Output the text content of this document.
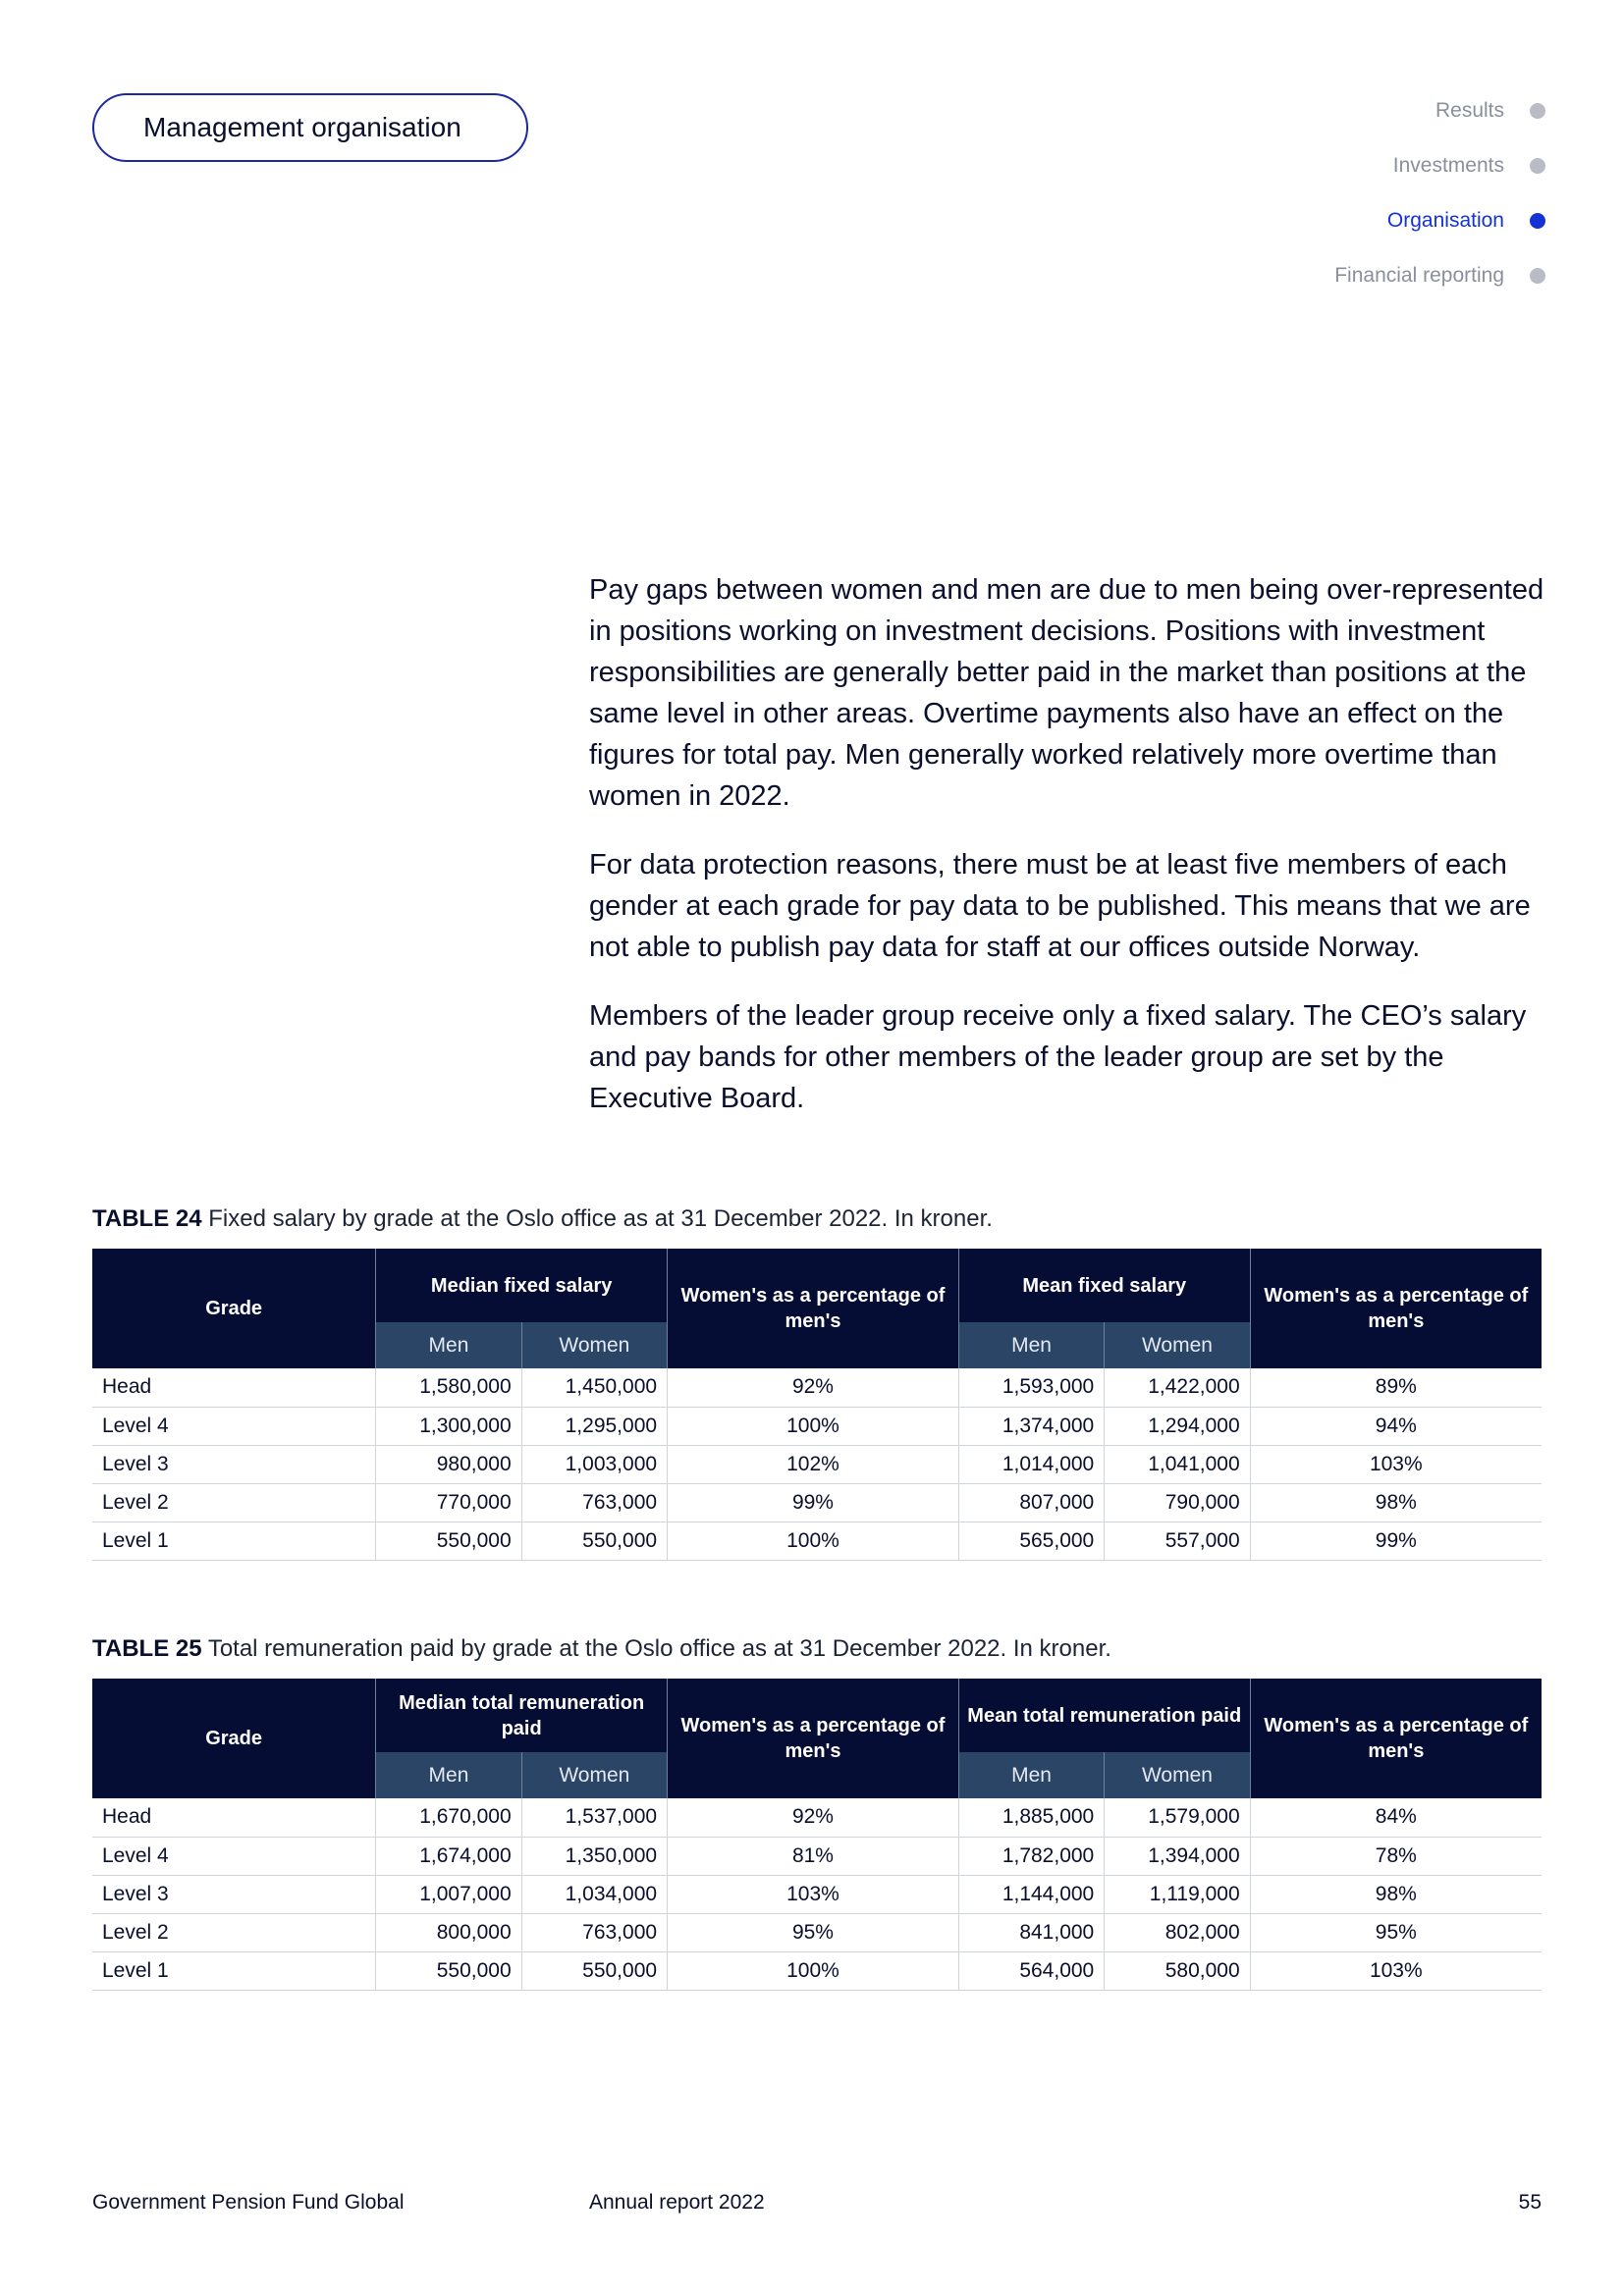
Management organisation
Results
Investments
Organisation
Financial reporting

Pay gaps between women and men are due to men being over-represented in positions working on investment decisions. Positions with investment responsibilities are generally better paid in the market than positions at the same level in other areas. Overtime payments also have an effect on the figures for total pay. Men generally worked relatively more overtime than women in 2022.

For data protection reasons, there must be at least five members of each gender at each grade for pay data to be published. This means that we are not able to publish pay data for staff at our offices outside Norway.

Members of the leader group receive only a fixed salary. The CEO’s salary and pay bands for other members of the leader group are set by the Executive Board.

TABLE 24 Fixed salary by grade at the Oslo office as at 31 December 2022. In kroner.
Grade	Median fixed salary		Women's as a percentage of men's	Mean fixed salary		Women's as a percentage of men's
	Men	Women		Men	Women	
Head	1,580,000	1,450,000	92%	1,593,000	1,422,000	89%
Level 4	1,300,000	1,295,000	100%	1,374,000	1,294,000	94%
Level 3	980,000	1,003,000	102%	1,014,000	1,041,000	103%
Level 2	770,000	763,000	99%	807,000	790,000	98%
Level 1	550,000	550,000	100%	565,000	557,000	99%
TABLE 25 Total remuneration paid by grade at the Oslo office as at 31 December 2022. In kroner.
Grade	Median total remuneration paid		Women's as a percentage of men's	Mean total remuneration paid		Women's as a percentage of men's
	Men	Women		Men	Women	
Head	1,670,000	1,537,000	92%	1,885,000	1,579,000	84%
Level 4	1,674,000	1,350,000	81%	1,782,000	1,394,000	78%
Level 3	1,007,000	1,034,000	103%	1,144,000	1,119,000	98%
Level 2	800,000	763,000	95%	841,000	802,000	95%
Level 1	550,000	550,000	100%	564,000	580,000	103%
Government Pension Fund Global	Annual report 2022	55
